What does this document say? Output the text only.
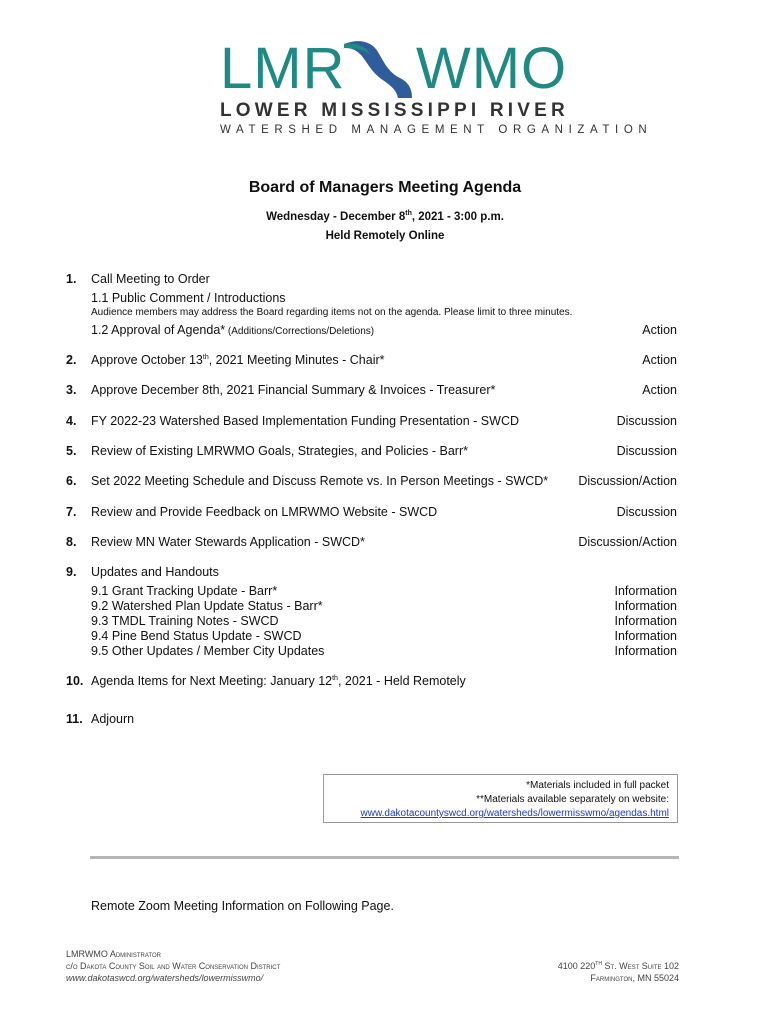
LMR WMO
LOWER MISSISSIPPI RIVER
WATERSHED MANAGEMENT ORGANIZATION
Board of Managers Meeting Agenda
Wednesday - December 8th, 2021 - 3:00 p.m.
Held Remotely Online
1.	Call Meeting to Order
1.1 Public Comment / Introductions
Audience members may address the Board regarding items not on the agenda. Please limit to three minutes.
1.2 Approval of Agenda* (Additions/Corrections/Deletions)	Action
2.	Approve October 13th, 2021 Meeting Minutes - Chair*	Action
3.	Approve December 8th, 2021 Financial Summary & Invoices - Treasurer*	Action
4.	FY 2022-23 Watershed Based Implementation Funding Presentation - SWCD	Discussion
5.	Review of Existing LMRWMO Goals, Strategies, and Policies - Barr*	Discussion
6.	Set 2022 Meeting Schedule and Discuss Remote vs. In Person Meetings - SWCD* Discussion/Action
7.	Review and Provide Feedback on LMRWMO Website - SWCD	Discussion
8.	Review MN Water Stewards Application - SWCD*	Discussion/Action
9.	Updates and Handouts
9.1 Grant Tracking Update - Barr*	Information
9.2 Watershed Plan Update Status - Barr*	Information
9.3 TMDL Training Notes - SWCD	Information
9.4 Pine Bend Status Update - SWCD	Information
9.5 Other Updates / Member City Updates	Information
10. Agenda Items for Next Meeting: January 12th, 2021 - Held Remotely
11. Adjourn
*Materials included in full packet
**Materials available separately on website:
www.dakotacountyswcd.org/watersheds/lowermisswmo/agendas.html
Remote Zoom Meeting Information on Following Page.
LMRWMO Administrator
c/o Dakota County Soil and Water Conservation District
www.dakotaswcd.org/watersheds/lowermisswmo/
4100 220th St. West Suite 102
Farmington, MN 55024
